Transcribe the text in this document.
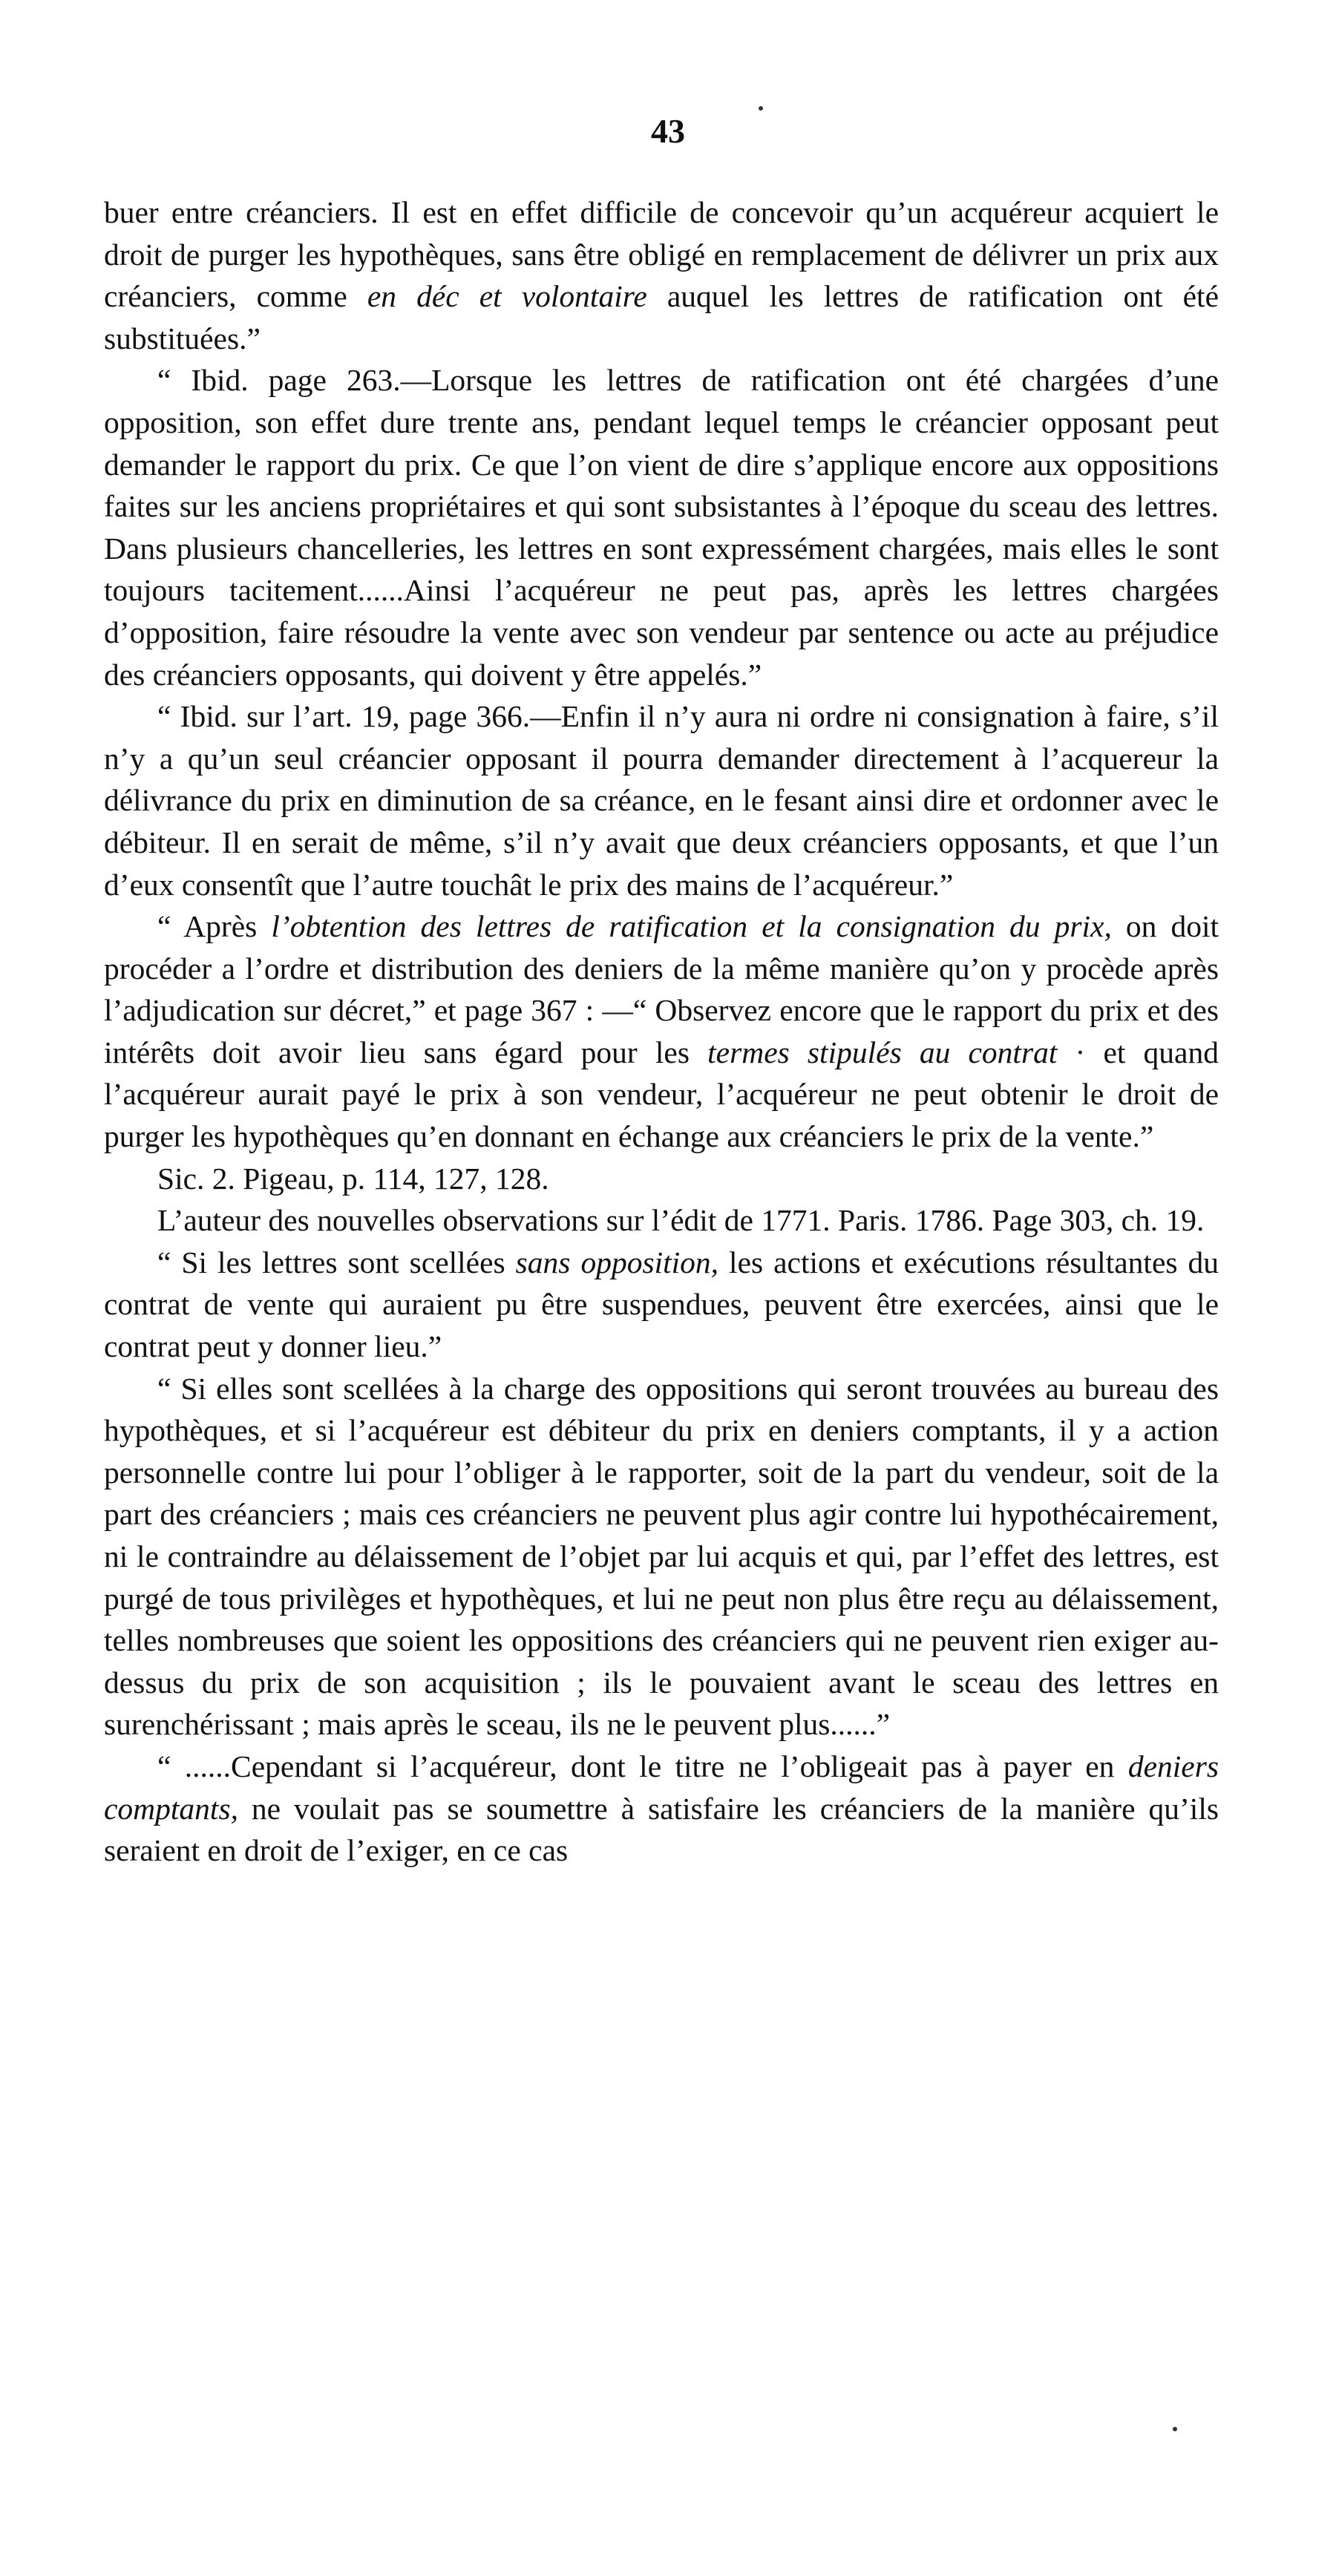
43

buer entre créanciers. Il est en effet difficile de concevoir qu’un acquéreur acquiert le droit de purger les hypothèques, sans être obligé en remplacement de délivrer un prix aux créanciers, comme en déc et volontaire auquel les lettres de ratification ont été substituées.”

“ Ibid. page 263.—Lorsque les lettres de ratification ont été chargées d’une opposition, son effet dure trente ans, pendant lequel temps le créancier opposant peut demander le rapport du prix. Ce que l’on vient de dire s’applique encore aux oppositions faites sur les anciens propriétaires et qui sont subsistantes à l’époque du sceau des lettres. Dans plusieurs chancelleries, les lettres en sont expressément chargées, mais elles le sont toujours tacitement......Ainsi l’acquéreur ne peut pas, après les lettres chargées d’opposition, faire résoudre la vente avec son vendeur par sentence ou acte au préjudice des créanciers opposants, qui doivent y être appelés.”

“ Ibid. sur l’art. 19, page 366.—Enfin il n’y aura ni ordre ni consignation à faire, s’il n’y a qu’un seul créancier opposant il pourra demander directement à l’acquereur la délivrance du prix en diminution de sa créance, en le fesant ainsi dire et ordonner avec le débiteur. Il en serait de même, s’il n’y avait que deux créanciers opposants, et que l’un d’eux consentît que l’autre touchât le prix des mains de l’acquéreur.”

“ Après l’obtention des lettres de ratification et la consignation du prix, on doit procéder a l’ordre et distribution des deniers de la même manière qu’on y procède après l’adjudication sur décret,” et page 367 : —“ Observez encore que le rapport du prix et des intérêts doit avoir lieu sans égard pour les termes stipulés au contrat · et quand l’acquéreur aurait payé le prix à son vendeur, l’acquéreur ne peut obtenir le droit de purger les hypothèques qu’en donnant en échange aux créanciers le prix de la vente.”

Sic. 2. Pigeau, p. 114, 127, 128.

L’auteur des nouvelles observations sur l’édit de 1771. Paris. 1786. Page 303, ch. 19.

“ Si les lettres sont scellées sans opposition, les actions et exécutions résultantes du contrat de vente qui auraient pu être suspendues, peuvent être exercées, ainsi que le contrat peut y donner lieu.”

“ Si elles sont scellées à la charge des oppositions qui seront trouvées au bureau des hypothèques, et si l’acquéreur est débiteur du prix en deniers comptants, il y a action personnelle contre lui pour l’obliger à le rapporter, soit de la part du vendeur, soit de la part des créanciers ; mais ces créanciers ne peuvent plus agir contre lui hypothécairement, ni le contraindre au délaissement de l’objet par lui acquis et qui, par l’effet des lettres, est purgé de tous privilèges et hypothèques, et lui ne peut non plus être reçu au délaissement, telles nombreuses que soient les oppositions des créanciers qui ne peuvent rien exiger au-dessus du prix de son acquisition ; ils le pouvaient avant le sceau des lettres en surenchérissant ; mais après le sceau, ils ne le peuvent plus......”

“ ......Cependant si l’acquéreur, dont le titre ne l’obligeait pas à payer en deniers comptants, ne voulait pas se soumettre à satisfaire les créanciers de la manière qu’ils seraient en droit de l’exiger, en ce cas
